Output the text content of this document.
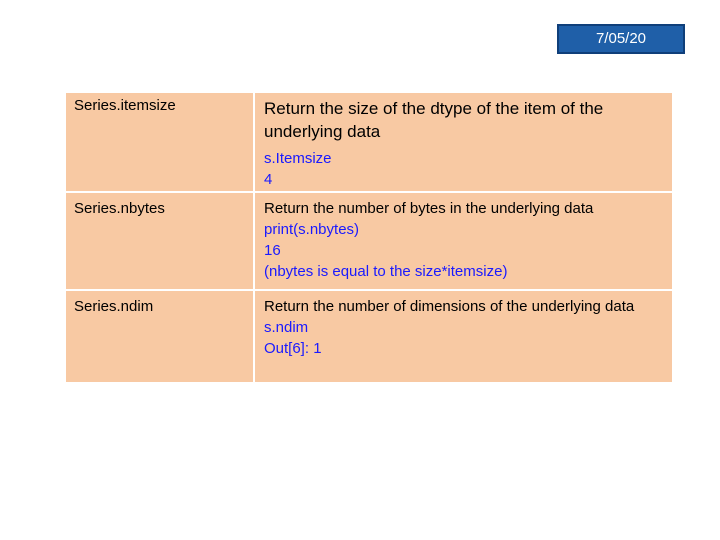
7/05/20
Series.itemsize	Return the size of the dtype of the item of the underlying data
s.Itemsize
4
Series.nbytes	Return the number of bytes in the underlying data
print(s.nbytes)
16
(nbytes is equal to the size*itemsize)
Series.ndim	Return the number of dimensions of the underlying data
s.ndim
Out[6]: 1
